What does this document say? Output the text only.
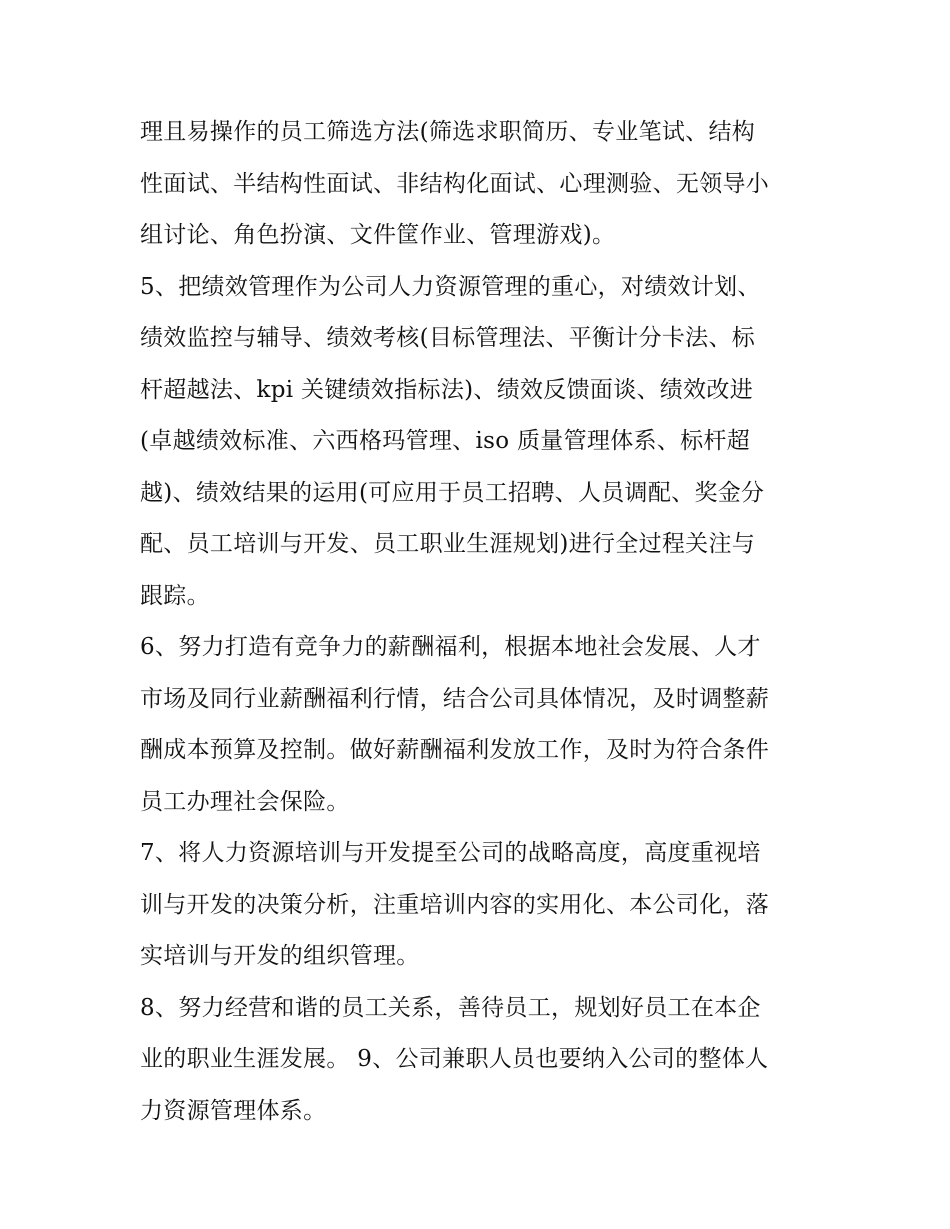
理且易操作的员工筛选方法(筛选求职简历、专业笔试、结构
性面试、半结构性面试、非结构化面试、心理测验、无领导小
组讨论、角色扮演、文件筐作业、管理游戏)。
5、把绩效管理作为公司人力资源管理的重心，对绩效计划、
绩效监控与辅导、绩效考核(目标管理法、平衡计分卡法、标
杆超越法、kpi 关键绩效指标法)、绩效反馈面谈、绩效改进
(卓越绩效标准、六西格玛管理、iso 质量管理体系、标杆超
越)、绩效结果的运用(可应用于员工招聘、人员调配、奖金分
配、员工培训与开发、员工职业生涯规划)进行全过程关注与
跟踪。
6、努力打造有竞争力的薪酬福利，根据本地社会发展、人才
市场及同行业薪酬福利行情，结合公司具体情况，及时调整薪
酬成本预算及控制。做好薪酬福利发放工作，及时为符合条件
员工办理社会保险。
7、将人力资源培训与开发提至公司的战略高度，高度重视培
训与开发的决策分析，注重培训内容的实用化、本公司化，落
实培训与开发的组织管理。
8、努力经营和谐的员工关系，善待员工，规划好员工在本企
业的职业生涯发展。 9、公司兼职人员也要纳入公司的整体人
力资源管理体系。
